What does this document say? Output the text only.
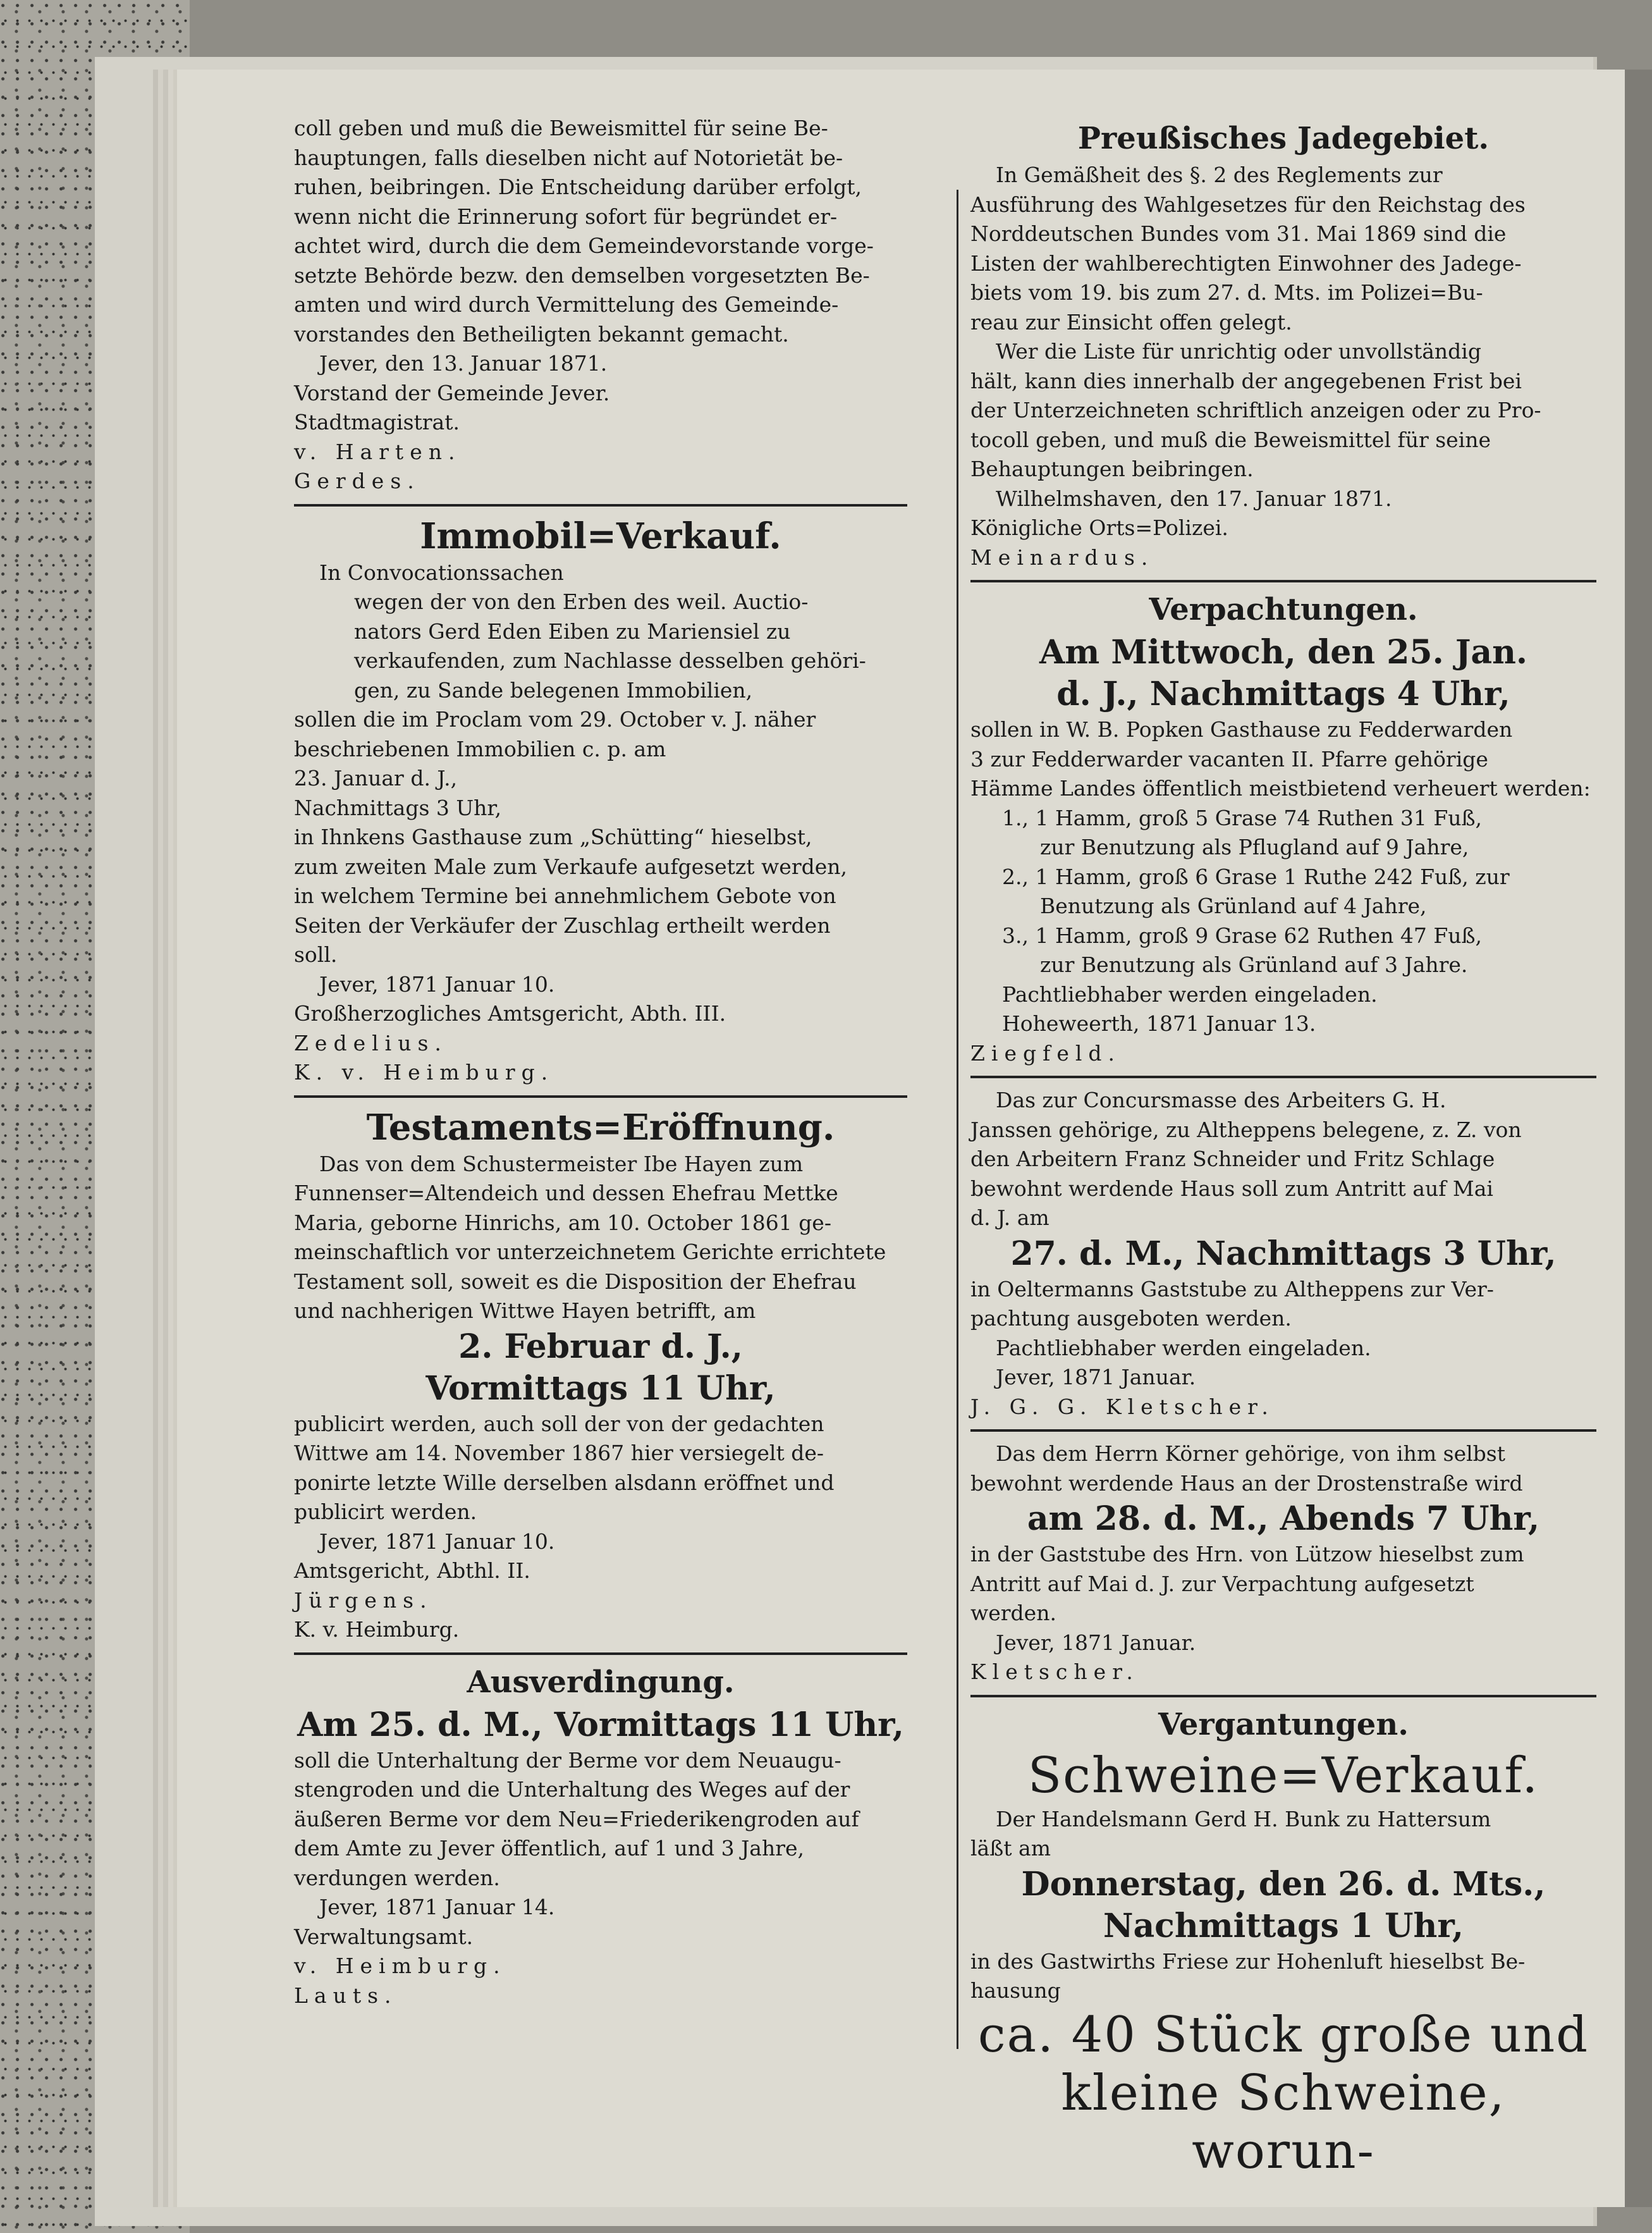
coll geben und muß die Beweismittel für seine Be-

hauptungen, falls dieselben nicht auf Notorietät be-

ruhen, beibringen. Die Entscheidung darüber erfolgt,

wenn nicht die Erinnerung sofort für begründet er-

achtet wird, durch die dem Gemeindevorstande vorge-

setzte Behörde bezw. den demselben vorgesetzten Be-

amten und wird durch Vermittelung des Gemeinde-

vorstandes den Betheiligten bekannt gemacht.

Jever, den 13. Januar 1871.

Vorstand der Gemeinde Jever.

Stadtmagistrat.

v. Harten.

Gerdes.

Immobil=Verkauf.

In Convocationssachen

wegen der von den Erben des weil. Auctio-

nators Gerd Eden Eiben zu Mariensiel zu

verkaufenden, zum Nachlasse desselben gehöri-

gen, zu Sande belegenen Immobilien,

sollen die im Proclam vom 29. October v. J. näher

beschriebenen Immobilien c. p. am

23. Januar d. J.,

Nachmittags 3 Uhr,

in Ihnkens Gasthause zum „Schütting“ hieselbst,

zum zweiten Male zum Verkaufe aufgesetzt werden,

in welchem Termine bei annehmlichem Gebote von

Seiten der Verkäufer der Zuschlag ertheilt werden

soll.

Jever, 1871 Januar 10.

Großherzogliches Amtsgericht, Abth. III.

Zedelius.

K. v. Heimburg.

Testaments=Eröffnung.

Das von dem Schustermeister Ibe Hayen zum

Funnenser=Altendeich und dessen Ehefrau Mettke

Maria, geborne Hinrichs, am 10. October 1861 ge-

meinschaftlich vor unterzeichnetem Gerichte errichtete

Testament soll, soweit es die Disposition der Ehefrau

und nachherigen Wittwe Hayen betrifft, am

2. Februar d. J.,
Vormittags 11 Uhr,

publicirt werden, auch soll der von der gedachten

Wittwe am 14. November 1867 hier versiegelt de-

ponirte letzte Wille derselben alsdann eröffnet und

publicirt werden.

Jever, 1871 Januar 10.

Amtsgericht, Abthl. II.

Jürgens.

K. v. Heimburg.

Ausverdingung.
Am 25. d. M., Vormittags 11 Uhr,

soll die Unterhaltung der Berme vor dem Neuaugu-

stengroden und die Unterhaltung des Weges auf der

äußeren Berme vor dem Neu=Friederikengroden auf

dem Amte zu Jever öffentlich, auf 1 und 3 Jahre,

verdungen werden.

Jever, 1871 Januar 14.

Verwaltungsamt.

v. Heimburg.

Lauts.

Preußisches Jadegebiet.

In Gemäßheit des §. 2 des Reglements zur

Ausführung des Wahlgesetzes für den Reichstag des

Norddeutschen Bundes vom 31. Mai 1869 sind die

Listen der wahlberechtigten Einwohner des Jadege-

biets vom 19. bis zum 27. d. Mts. im Polizei=Bu-

reau zur Einsicht offen gelegt.

Wer die Liste für unrichtig oder unvollständig

hält, kann dies innerhalb der angegebenen Frist bei

der Unterzeichneten schriftlich anzeigen oder zu Pro-

tocoll geben, und muß die Beweismittel für seine

Behauptungen beibringen.

Wilhelmshaven, den 17. Januar 1871.

Königliche Orts=Polizei.

Meinardus.

Verpachtungen.
Am Mittwoch, den 25. Jan.
d. J., Nachmittags 4 Uhr,

sollen in W. B. Popken Gasthause zu Fedderwarden

3 zur Fedderwarder vacanten II. Pfarre gehörige

Hämme Landes öffentlich meistbietend verheuert werden:

1., 1 Hamm, groß 5 Grase 74 Ruthen 31 Fuß,

zur Benutzung als Pflugland auf 9 Jahre,

2., 1 Hamm, groß 6 Grase 1 Ruthe 242 Fuß, zur

Benutzung als Grünland auf 4 Jahre,

3., 1 Hamm, groß 9 Grase 62 Ruthen 47 Fuß,

zur Benutzung als Grünland auf 3 Jahre.

Pachtliebhaber werden eingeladen.

Hoheweerth, 1871 Januar 13.

Ziegfeld.

Das zur Concursmasse des Arbeiters G. H.

Janssen gehörige, zu Altheppens belegene, z. Z. von

den Arbeitern Franz Schneider und Fritz Schlage

bewohnt werdende Haus soll zum Antritt auf Mai

d. J. am

27. d. M., Nachmittags 3 Uhr,

in Oeltermanns Gaststube zu Altheppens zur Ver-

pachtung ausgeboten werden.

Pachtliebhaber werden eingeladen.

Jever, 1871 Januar.

J. G. G. Kletscher.

Das dem Herrn Körner gehörige, von ihm selbst

bewohnt werdende Haus an der Drostenstraße wird

am 28. d. M., Abends 7 Uhr,

in der Gaststube des Hrn. von Lützow hieselbst zum

Antritt auf Mai d. J. zur Verpachtung aufgesetzt

werden.

Jever, 1871 Januar.

Kletscher.

Vergantungen.
Schweine=Verkauf.

Der Handelsmann Gerd H. Bunk zu Hattersum

läßt am

Donnerstag, den 26. d. Mts.,
Nachmittags 1 Uhr,

in des Gastwirths Friese zur Hohenluft hieselbst Be-

hausung

ca. 40 Stück große und
kleine Schweine, worun-
